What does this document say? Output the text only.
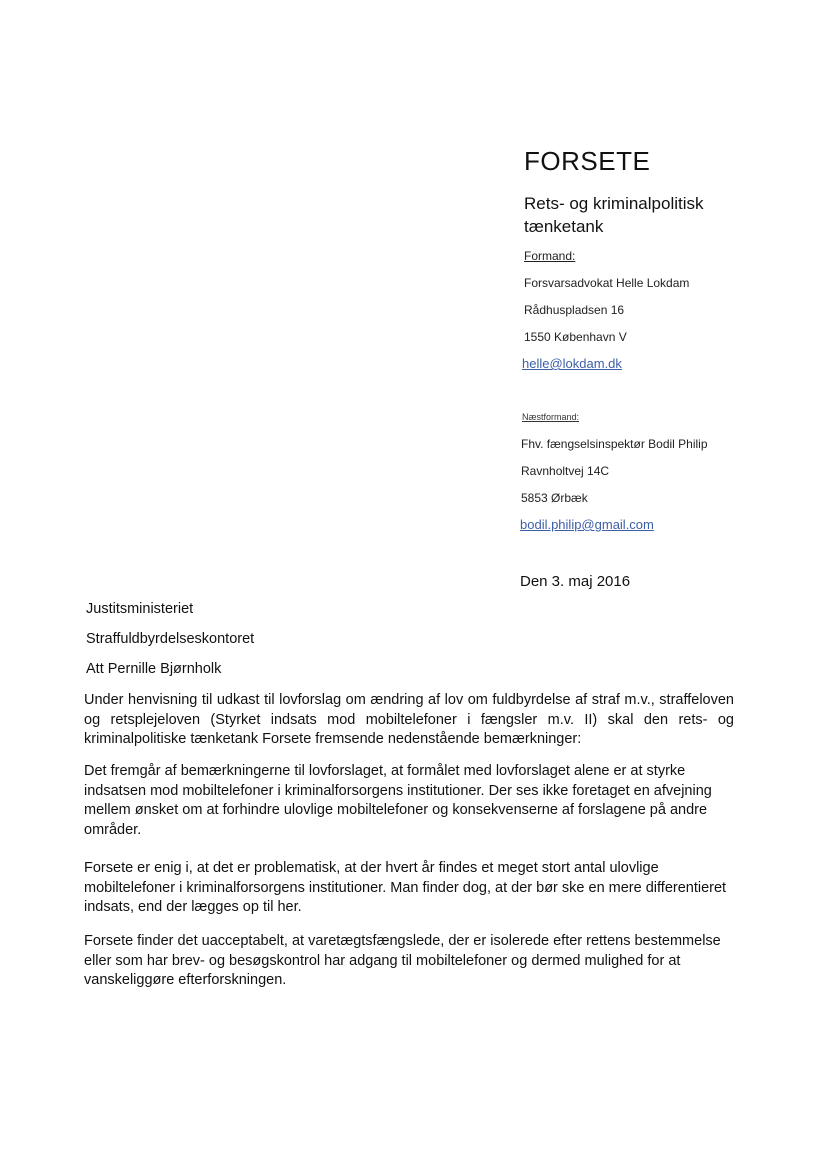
FORSETE
Rets- og kriminalpolitisk tænketank
Formand:
Forsvarsadvokat Helle Lokdam
Rådhuspladsen 16
1550 København V
helle@lokdam.dk
Næstformand:
Fhv. fængselsinspektør Bodil Philip
Ravnholtvej 14C
5853 Ørbæk
bodil.philip@gmail.com
Den 3. maj 2016
Justitsministeriet
Straffuldbyrdelseskontoret
Att Pernille Bjørnholk

Under henvisning til udkast til lovforslag om ændring af lov om fuldbyrdelse af straf m.v., straffeloven og retsplejeloven (Styrket indsats mod mobiltelefoner i fængsler m.v. II) skal den rets- og kriminalpolitiske tænketank Forsete fremsende nedenstående bemærkninger:

Det fremgår af bemærkningerne til lovforslaget, at formålet med lovforslaget alene er at styrke indsatsen mod mobiltelefoner i kriminalforsorgens institutioner. Der ses ikke foretaget en afvejning mellem ønsket om at forhindre ulovlige mobiltelefoner og konsekvenserne af forslagene på andre områder.

Forsete er enig i, at det er problematisk, at der hvert år findes et meget stort antal ulovlige mobiltelefoner i kriminalforsorgens institutioner. Man finder dog, at der bør ske en mere differentieret indsats, end der lægges op til her.

Forsete finder det uacceptabelt, at varetægtsfængslede, der er isolerede efter rettens bestemmelse eller som har brev- og besøgskontrol har adgang til mobiltelefoner og dermed mulighed for at vanskeliggøre efterforskningen.
